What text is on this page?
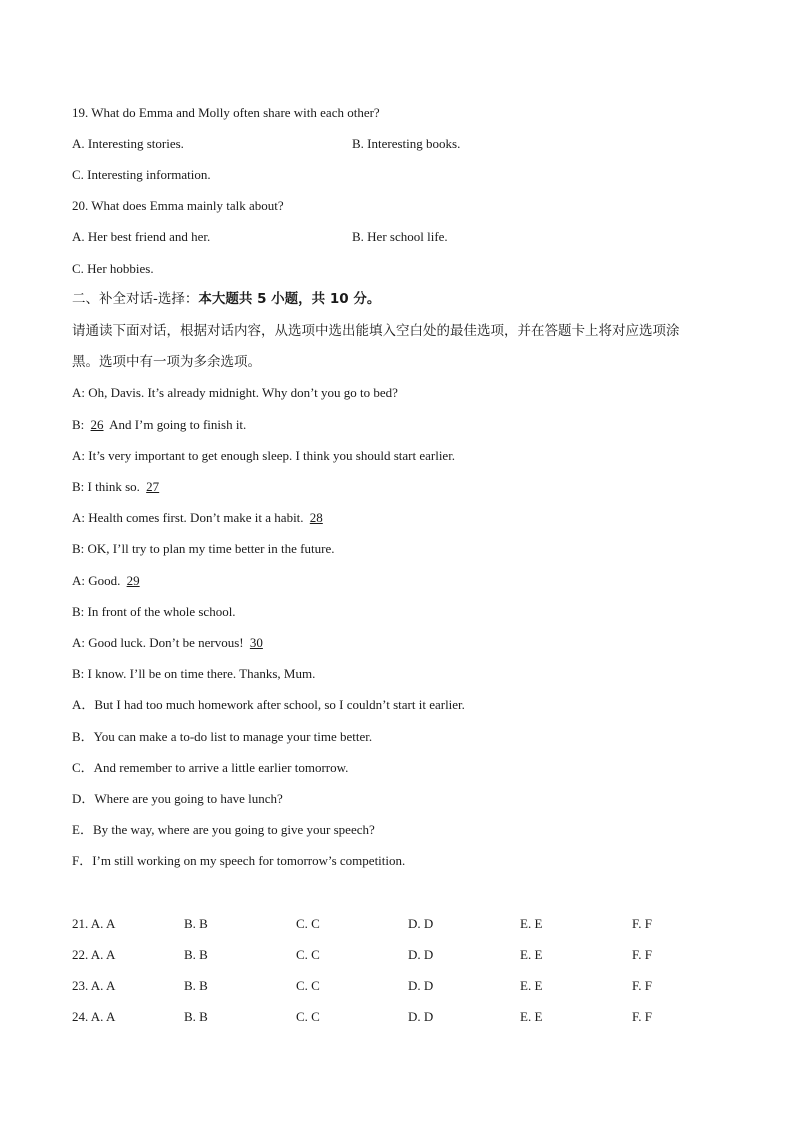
19. What do Emma and Molly often share with each other?
A. Interesting stories.	B. Interesting books.
C. Interesting information.
20. What does Emma mainly talk about?
A. Her best friend and her.	B. Her school life.
C. Her hobbies.
二、补全对话-选择：本大题共 5 小题，共 10 分。
请通读下面对话，根据对话内容，从选项中选出能填入空白处的最佳选项，并在答题卡上将对应选项涂
黑。选项中有一项为多余选项。
A: Oh, Davis. It’s already midnight. Why don’t you go to bed?
B: 26 And I’m going to finish it.
A: It’s very important to get enough sleep. I think you should start earlier.
B: I think so. 27
A: Health comes first. Don’t make it a habit. 28
B: OK, I’ll try to plan my time better in the future.
A: Good. 29
B: In front of the whole school.
A: Good luck. Don’t be nervous! 30
B: I know. I’ll be on time there. Thanks, Mum.
A．But I had too much homework after school, so I couldn’t start it earlier.
B．You can make a to-do list to manage your time better.
C．And remember to arrive a little earlier tomorrow.
D．Where are you going to have lunch?
E．By the way, where are you going to give your speech?
F．I’m still working on my speech for tomorrow’s competition.
21. A. A	B. B	C. C	D. D	E. E	F. F
22. A. A	B. B	C. C	D. D	E. E	F. F
23. A. A	B. B	C. C	D. D	E. E	F. F
24. A. A	B. B	C. C	D. D	E. E	F. F
